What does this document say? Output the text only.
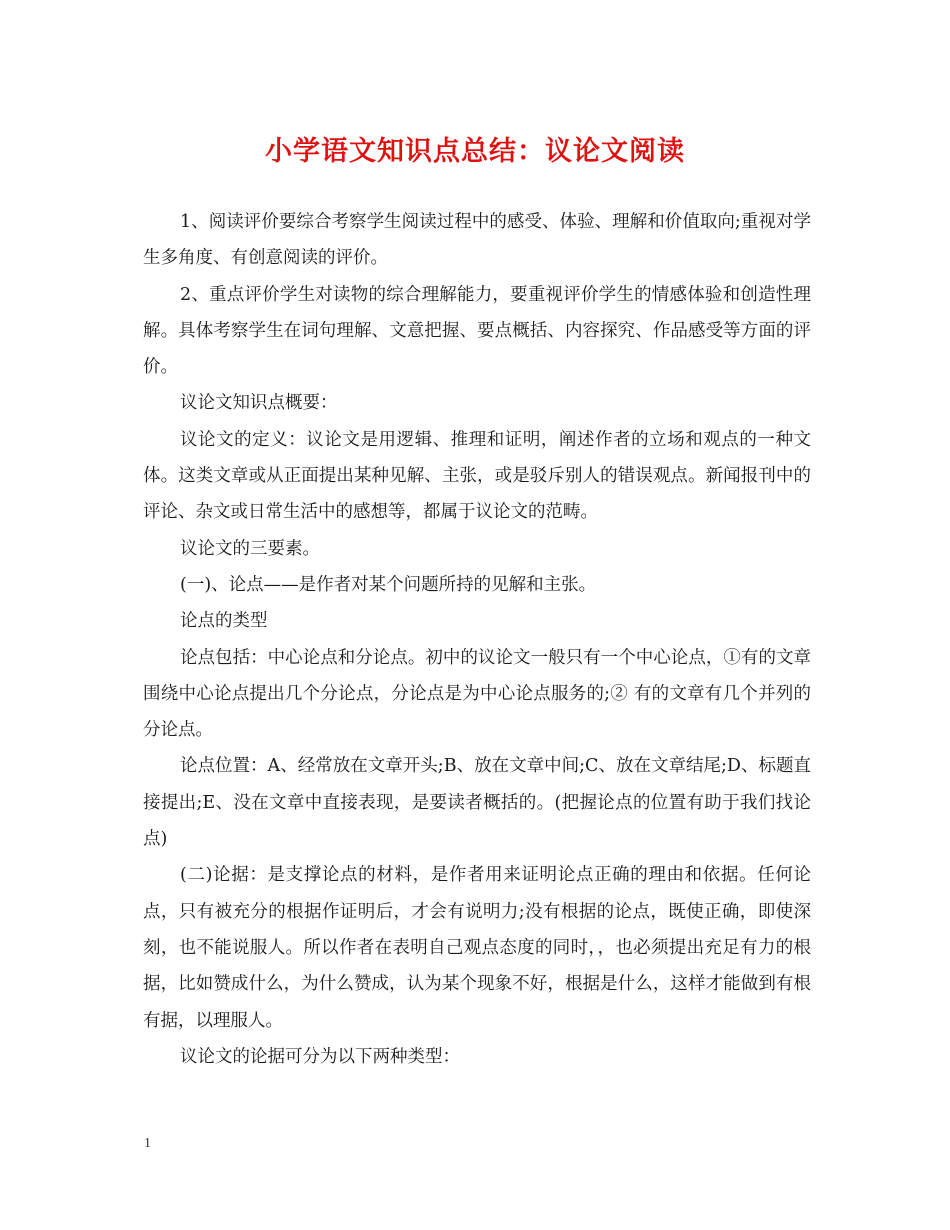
小学语文知识点总结：议论文阅读

1、阅读评价要综合考察学生阅读过程中的感受、体验、理解和价值取向;重视对学生多角度、有创意阅读的评价。

2、重点评价学生对读物的综合理解能力，要重视评价学生的情感体验和创造性理解。具体考察学生在词句理解、文意把握、要点概括、内容探究、作品感受等方面的评价。

议论文知识点概要：

议论文的定义：议论文是用逻辑、推理和证明，阐述作者的立场和观点的一种文体。这类文章或从正面提出某种见解、主张，或是驳斥别人的错误观点。新闻报刊中的评论、杂文或日常生活中的感想等，都属于议论文的范畴。

议论文的三要素。

(一)、论点——是作者对某个问题所持的见解和主张。

论点的类型

论点包括：中心论点和分论点。初中的议论文一般只有一个中心论点，①有的文章围绕中心论点提出几个分论点，分论点是为中心论点服务的;② 有的文章有几个并列的分论点。

论点位置：A、经常放在文章开头;B、放在文章中间;C、放在文章结尾;D、标题直接提出;E、没在文章中直接表现，是要读者概括的。(把握论点的位置有助于我们找论点)

(二)论据：是支撑论点的材料，是作者用来证明论点正确的理由和依据。任何论点，只有被充分的根据作证明后，才会有说明力;没有根据的论点，既使正确，即使深刻，也不能说服人。所以作者在表明自己观点态度的同时，，也必须提出充足有力的根据，比如赞成什么，为什么赞成，认为某个现象不好，根据是什么，这样才能做到有根有据，以理服人。

议论文的论据可分为以下两种类型：

1
